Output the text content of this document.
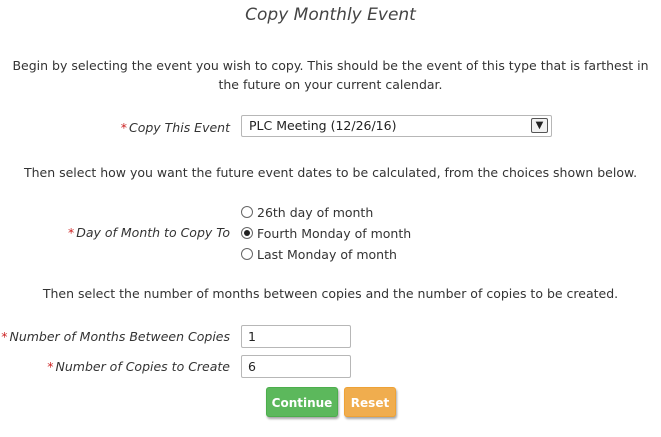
Copy Monthly Event
Begin by selecting the event you wish to copy. This should be the event of this type that is farthest in the future on your current calendar.
* Copy This Event	PLC Meeting (12/26/16)	▼
Then select how you want the future event dates to be calculated, from the choices shown below.
* Day of Month to Copy To
26th day of month
Fourth Monday of month
Last Monday of month
Then select the number of months between copies and the number of copies to be created.
* Number of Months Between Copies	1
* Number of Copies to Create	6
Continue	Reset
